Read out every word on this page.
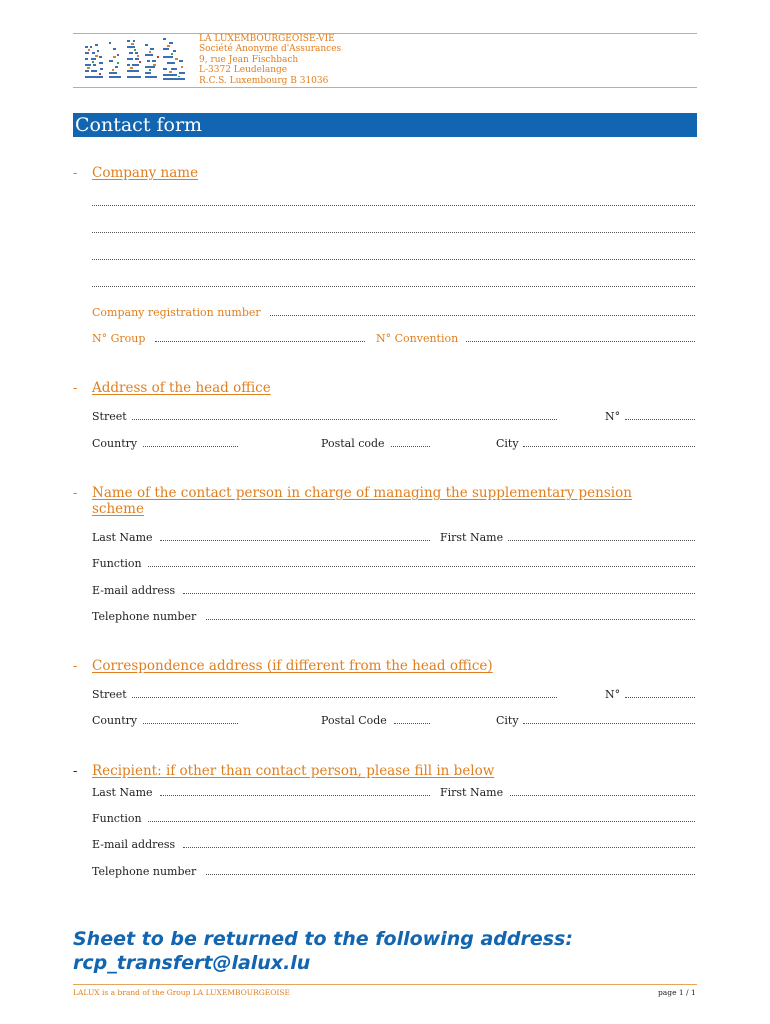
LA LUXEMBOURGEOISE-VIE
Société Anonyme d'Assurances
9, rue Jean Fischbach
L-3372 Leudelange
R.C.S. Luxembourg B 31036
Contact form
- Company name
Company registration number
N° Group	N° Convention
- Address of the head office
Street	N°
Country	Postal code	City
- Name of the contact person in charge of managing the supplementary pension
scheme
Last Name	First Name
Function
E-mail address
Telephone number
- Correspondence address (if different from the head office)
Street	N°
Country	Postal Code	City
- Recipient: if other than contact person, please fill in below
Last Name	First Name
Function
E-mail address
Telephone number
Sheet to be returned to the following address:
rcp_transfert@lalux.lu
LALUX is a brand of the Group LA LUXEMBOURGEOISE	page 1 / 1
